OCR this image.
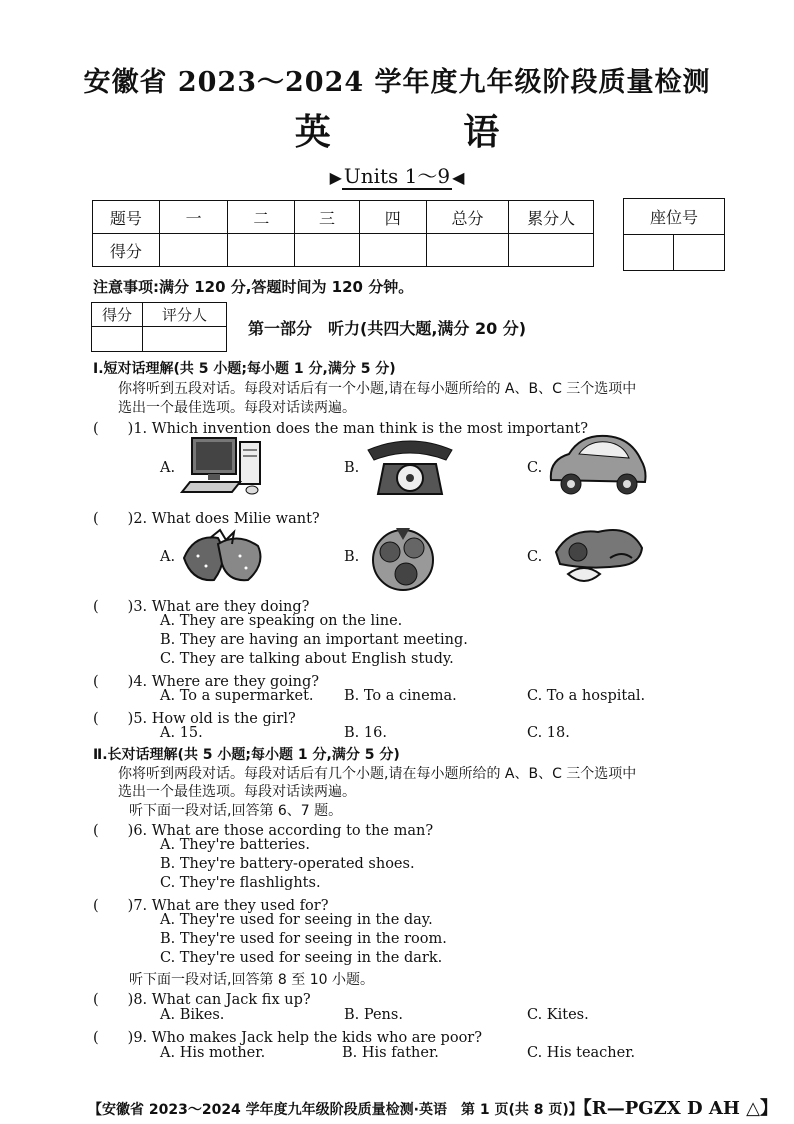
安徽省 2023～2024 学年度九年级阶段质量检测
英 语
▶ Units 1～9 ◀
题号	一	二	三	四	总分	累分人
得分						
座位号

注意事项:满分 120 分,答题时间为 120 分钟。
得分	评分人

第一部分　听力(共四大题,满分 20 分)
Ⅰ.短对话理解(共 5 小题;每小题 1 分,满分 5 分)
你将听到五段对话。每段对话后有一个小题,请在每小题所给的 A、B、C 三个选项中
选出一个最佳选项。每段对话读两遍。
(　　)1. Which invention does the man think is the most important?
A.	B.	C.
(　　)2. What does Milie want?
A.	B.	C.
(　　)3. What are they doing?
A. They are speaking on the line.
B. They are having an important meeting.
C. They are talking about English study.
(　　)4. Where are they going?
A. To a supermarket. B. To a cinema.	C. To a hospital.
(　　)5. How old is the girl?
A. 15.	B. 16.	C. 18.
Ⅱ.长对话理解(共 5 小题;每小题 1 分,满分 5 分)
你将听到两段对话。每段对话后有几个小题,请在每小题所给的 A、B、C 三个选项中
选出一个最佳选项。每段对话读两遍。
听下面一段对话,回答第 6、7 题。
(　　)6. What are those according to the man?
A. They're batteries.
B. They're battery-operated shoes.
C. They're flashlights.
(　　)7. What are they used for?
A. They're used for seeing in the day.
B. They're used for seeing in the room.
C. They're used for seeing in the dark.
听下面一段对话,回答第 8 至 10 小题。
(　　)8. What can Jack fix up?
A. Bikes.	B. Pens.	C. Kites.
(　　)9. Who makes Jack help the kids who are poor?
A. His mother.	B. His father.	C. His teacher.
【安徽省 2023～2024 学年度九年级阶段质量检测·英语　第 1 页(共 8 页)】【R—PGZX D AH △】
